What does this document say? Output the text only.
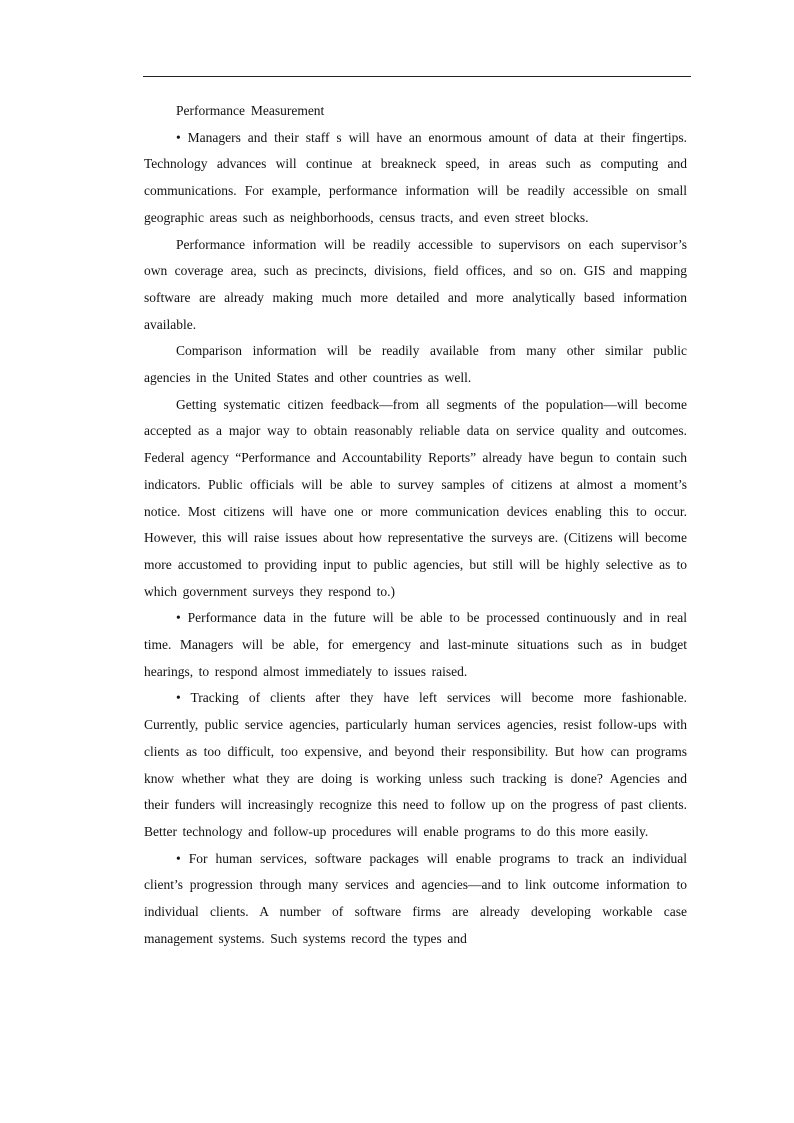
Performance Measurement

• Managers and their staff s will have an enormous amount of data at their fingertips. Technology advances will continue at breakneck speed, in areas such as computing and communications. For example, performance information will be readily accessible on small geographic areas such as neighborhoods, census tracts, and even street blocks.

Performance information will be readily accessible to supervisors on each supervisor’s own coverage area, such as precincts, divisions, field offices, and so on. GIS and mapping software are already making much more detailed and more analytically based information available.

Comparison information will be readily available from many other similar public agencies in the United States and other countries as well.

Getting systematic citizen feedback—from all segments of the population—will become accepted as a major way to obtain reasonably reliable data on service quality and outcomes. Federal agency “Performance and Accountability Reports” already have begun to contain such indicators. Public officials will be able to survey samples of citizens at almost a moment’s notice. Most citizens will have one or more communication devices enabling this to occur. However, this will raise issues about how representative the surveys are. (Citizens will become more accustomed to providing input to public agencies, but still will be highly selective as to which government surveys they respond to.)

• Performance data in the future will be able to be processed continuously and in real time. Managers will be able, for emergency and last-minute situations such as in budget hearings, to respond almost immediately to issues raised.

• Tracking of clients after they have left services will become more fashionable. Currently, public service agencies, particularly human services agencies, resist follow-ups with clients as too difficult, too expensive, and beyond their responsibility. But how can programs know whether what they are doing is working unless such tracking is done? Agencies and their funders will increasingly recognize this need to follow up on the progress of past clients. Better technology and follow-up procedures will enable programs to do this more easily.

• For human services, software packages will enable programs to track an individual client’s progression through many services and agencies—and to link outcome information to individual clients. A number of software firms are already developing workable case management systems. Such systems record the types and
